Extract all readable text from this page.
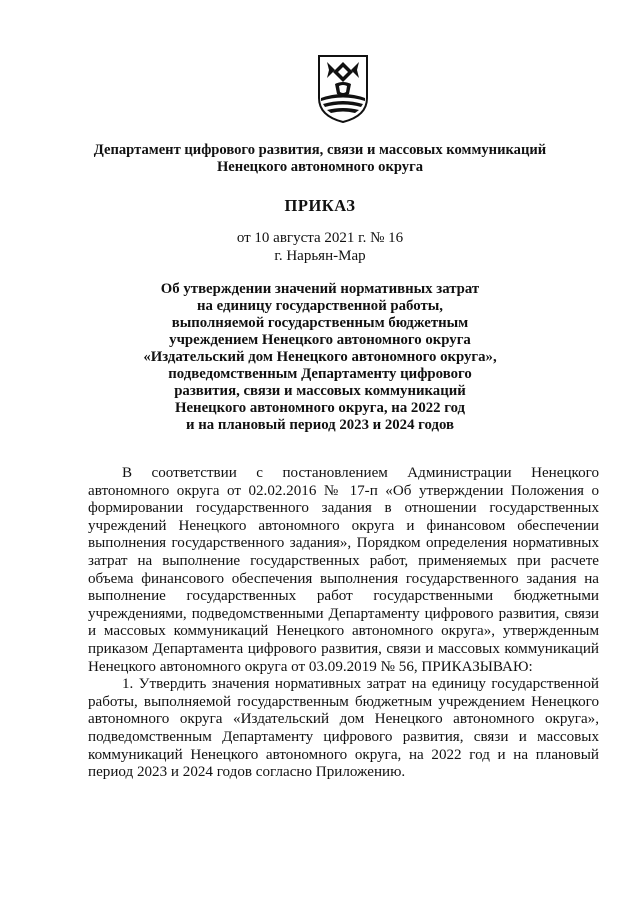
Департамент цифрового развития, связи и массовых коммуникаций
Ненецкого автономного округа
ПРИКАЗ
от 10 августа 2021 г. № 16
г. Нарьян-Мар
Об утверждении значений нормативных затрат
на единицу государственной работы,
выполняемой государственным бюджетным
учреждением Ненецкого автономного округа
«Издательский дом Ненецкого автономного округа»,
подведомственным Департаменту цифрового
развития, связи и массовых коммуникаций
Ненецкого автономного округа, на 2022 год
и на плановый период 2023 и 2024 годов

В соответствии с постановлением Администрации Ненецкого автономного округа от 02.02.2016 № 17-п «Об утверждении Положения о формировании государственного задания в отношении государственных учреждений Ненецкого автономного округа и финансовом обеспечении выполнения государственного задания», Порядком определения нормативных затрат на выполнение государственных работ, применяемых при расчете объема финансового обеспечения выполнения государственного задания на выполнение государственных работ государственными бюджетными учреждениями, подведомственными Департаменту цифрового развития, связи и массовых коммуникаций Ненецкого автономного округа», утвержденным приказом Департамента цифрового развития, связи и массовых коммуникаций Ненецкого автономного округа от 03.09.2019 № 56, ПРИКАЗЫВАЮ:

1. Утвердить значения нормативных затрат на единицу государственной работы, выполняемой государственным бюджетным учреждением Ненецкого автономного округа «Издательский дом Ненецкого автономного округа», подведомственным Департаменту цифрового развития, связи и массовых коммуникаций Ненецкого автономного округа, на 2022 год и на плановый период 2023 и 2024 годов согласно Приложению.
